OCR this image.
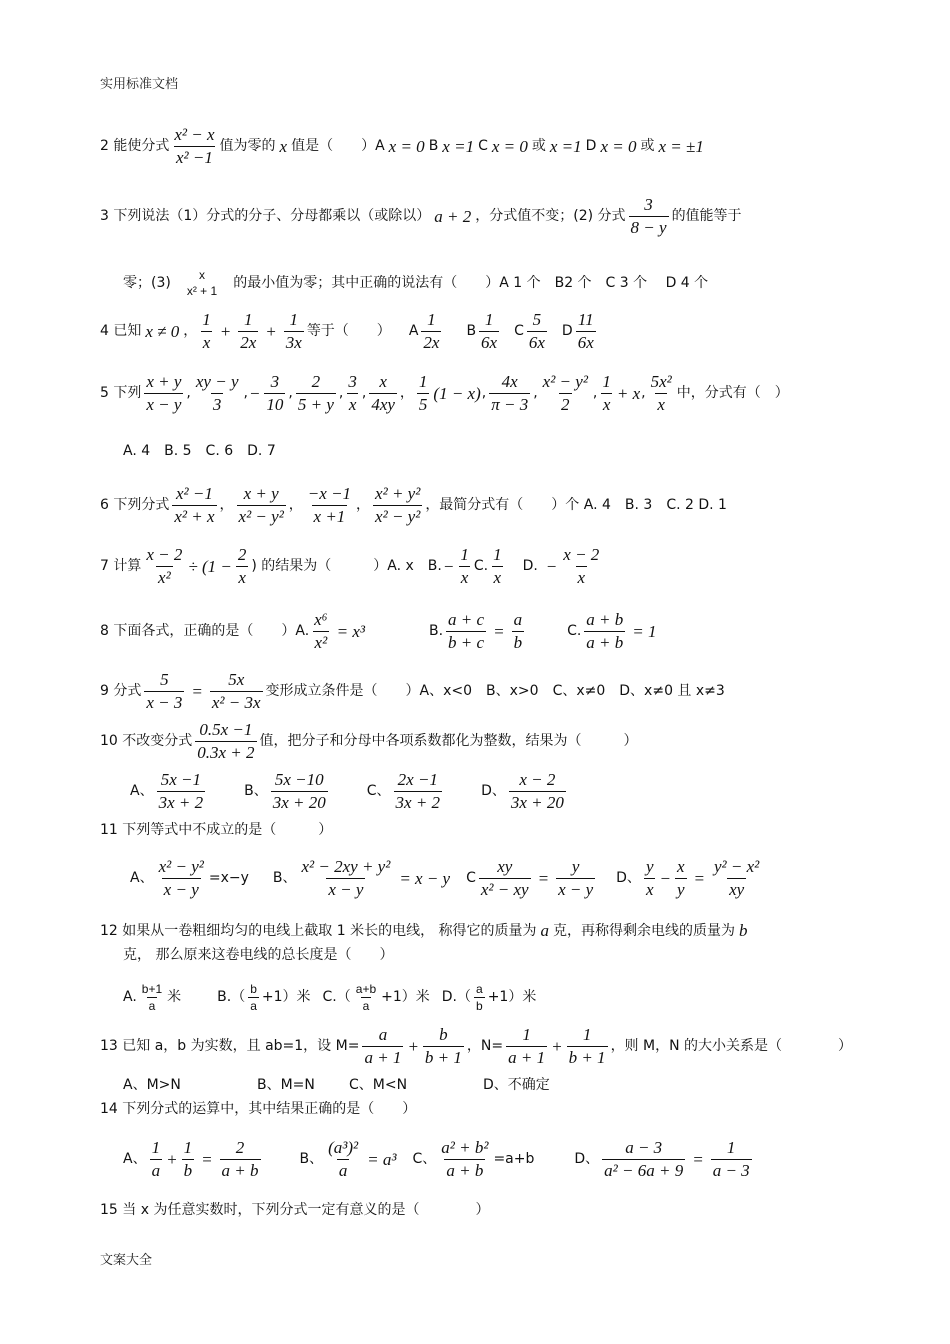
实用标准文档
2 能使分式 $\frac{\text{x² − x}}{\text{x² −1}}$ 值为零的 x 值是（　　）A x = 0 B x =1 C x = 0 或 x =1 D x = 0 或 x = ±1
3 下列说法（1）分式的分子、分母都乘以（或除以） a + 2 ，分式值不变；(2) 分式 $\frac{3}{8 - y}$ 的值能等于
零；(3) x
x² + 1
的最小值为零；其中正确的说法有（　　）A 1 个　B2 个　C 3 个　 D 4 个
4 已知 x ≠ 0 ， $\frac{1}{x} + \frac{1}{2x} + \frac{1}{3x}$ 等于（　　） A $\frac{1}{2x}$ B $\frac{1}{6x}$ C $\frac{5}{6x}$ D $\frac{11}{6x}$
5 下列 $\frac{x + y}{x - y}$ , $\frac{xy - y}{3}$ , − $\frac{3}{10}$ , $\frac{2}{5 + y}$ , $\frac{3}{x}$ , $\frac{x}{4xy}$ ， $\frac{1}{5} (1 - x)$ , $\frac{4x}{\pi - 3}$ , $\frac{\text{x² − y²}}{2}$ , $\frac{1}{x} + x$ , $\frac{\text{5x²}}{x}$ 中，分式有（　）
A. 4　B. 5　C. 6　D. 7
6 下列分式 $\frac{\text{x² −1}}{\text{x² + x}}$ ， $\frac{x + y}{\text{x² − y²}}$ ， $\frac{-x -1}{x +1}$ ， $\frac{\text{x² + y²}}{\text{x² − y²}}$ ，最简分式有（　　）个 A. 4　B. 3　C. 2 D. 1
7 计算 $\frac{x - 2}{\text{x²}} \div (1 - \frac{2}{x}$ ) 的结果为（　　　）A. x　B. − $\frac{1}{x} C$. $\frac{1}{x} D$. − $\frac{x - 2}{x}$
8 下面各式，正确的是（　　）A. $\frac{\text{x⁶}}{\text{x²}} = x^3$	B. $\frac{a + c}{b + c} = \frac{a}{b}$	C. $\frac{a + b}{a + b} = 1$
9 分式 $\frac{5}{x - 3} = \frac{5x}{\text{x² − 3x}}$ 变形成立条件是（　　）A、x<0　B、x>0　C、x≠0　D、x≠0 且 x≠3
10 不改变分式 $\frac{0.5x -1}{0.3x + 2}$ 值，把分子和分母中各项系数都化为整数，结果为（　　　）
A、 $\frac{5x -1}{3x + 2}$	B、 $\frac{5x -10}{3x + 20}$	C、 $\frac{2x -1}{3x + 2}$	D、 $\frac{x - 2}{3x + 20}$
11 下列等式中不成立的是（　　　）
A、 $\frac{\text{x² − y²}}{x - y} =x-y$ B、 $\frac{\text{x² − 2xy + y²}}{x - y} = x - y$ C $\frac{xy}{\text{x² − xy}} = \frac{y}{x - y}$ D、 $\frac{y}{x} - \frac{x}{y} = \frac{\text{y² − x²}}{xy}$
12 如果从一卷粗细均匀的电线上截取 1 米长的电线， 称得它的质量为 a 克，再称得剩余电线的质量为 b
克， 那么原来这卷电线的总长度是（　　）
A. $\frac{b+1}{a}$ 米	$B.( \frac{b}{a} +1)$米 $C.( \frac{a+b}{a} +1)$米 $D.( \frac{a}{b} +1)$米
13 已知 a，b 为实数，且 ab=1，设 $M= \frac{a}{a + 1} + \frac{b}{b + 1}$ ，$N= \frac{1}{a + 1} + \frac{1}{b + 1}$ ，则 M，N 的大小关系是（　　　　）
A、M>N	B、M=N	C、M<N	D、不确定
14 下列分式的运算中，其中结果正确的是（　　）
A、 $\frac{1}{a} + \frac{1}{b} = \frac{2}{a + b}$	B、 $\frac{\text{(a³)²}}{a} = a^3$ C、 $\frac{\text{a² + b²}}{a + b} =a+b$	D、 $\frac{a - 3}{\text{a² − 6a + 9}} = \frac{1}{a - 3}$
15 当 x 为任意实数时，下列分式一定有意义的是（　　　　）
文案大全
